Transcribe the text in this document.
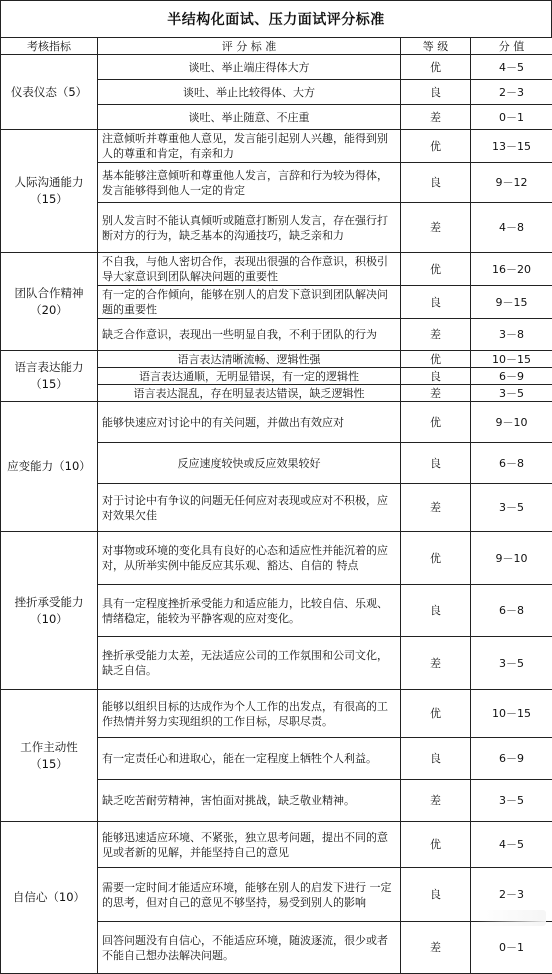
半结构化面试、压力面试评分标准
考核指标	评 分 标 准	等 级	分 值
仪表仪态（5）	谈吐、举止端庄得体大方	优	4－5
	谈吐、举止比较得体、大方	良	2－3
	谈吐、举止随意、不庄重	差	0－1
人际沟通能力（15）	注意倾听并尊重他人意见，发言能引起别人兴趣，能得到别人的尊重和肯定，有亲和力	优	13－15
	基本能够注意倾听和尊重他人发言，言辞和行为较为得体，发言能够得到他人一定的肯定	良	9－12
	别人发言时不能认真倾听或随意打断别人发言，存在强行打断对方的行为，缺乏基本的沟通技巧，缺乏亲和力	差	4－8
团队合作精神（20）	不自我，与他人密切合作，表现出很强的合作意识，积极引导大家意识到团队解决问题的重要性	优	16－20
	有一定的合作倾向，能够在别人的启发下意识到团队解决问题的重要性	良	9－15
	缺乏合作意识，表现出一些明显自我，不利于团队的行为	差	3－8
语言表达能力（15）	语言表达清晰流畅、逻辑性强	优	10－15
	语言表达通顺，无明显错误，有一定的逻辑性	良	6－9
	语言表达混乱，存在明显表达错误，缺乏逻辑性	差	3－5
应变能力（10）	能够快速应对讨论中的有关问题，并做出有效应对	优	9－10
	反应速度较快或反应效果较好	良	6－8
	对于讨论中有争议的问题无任何应对表现或应对不积极，应对效果欠佳	差	3－5
挫折承受能力（10）	对事物或环境的变化具有良好的心态和适应性并能沉着的应对，从所举实例中能反应其乐观、豁达、自信的 特点	优	9－10
	具有一定程度挫折承受能力和适应能力，比较自信、乐观、情绪稳定，能较为平静客观的应对变化。	良	6－8
	挫折承受能力太差，无法适应公司的工作氛围和公司文化，缺乏自信。	差	3－5
工作主动性（15）	能够以组织目标的达成作为个人工作的出发点，有很高的工作热情并努力实现组织的工作目标，尽职尽责。	优	10－15
	有一定责任心和进取心，能在一定程度上牺牲个人利益。	良	6－9
	缺乏吃苦耐劳精神，害怕面对挑战，缺乏敬业精神。	差	3－5
自信心（10）	能够迅速适应环境、不紧张，独立思考问题，提出不同的意见或者新的见解，并能坚持自己的意见	优	4－5
	需要一定时间才能适应环境，能够在别人的启发下进行 一定的思考，但对自己的意见不够坚持，易受到别人的影响	良	2－3
	回答问题没有自信心，不能适应环境，随波逐流，很少或者不能自己想办法解决问题。	差	0－1
